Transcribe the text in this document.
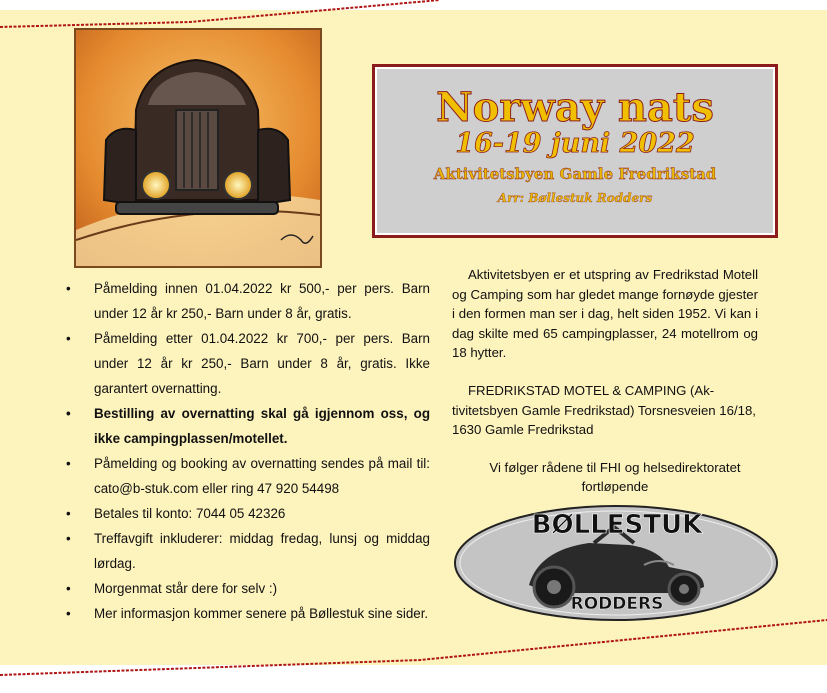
Norway nats
16-19 juni 2022
Aktivitetsbyen Gamle Fredrikstad
Arr: Bøllestuk Rodders
• Påmelding innen 01.04.2022 kr 500,- per pers. Barn under 12 år kr 250,- Barn under 8 år, gratis.
• Påmelding etter 01.04.2022 kr 700,- per pers. Barn under 12 år kr 250,- Barn under 8 år, gratis. Ikke garantert overnatting.
• Bestilling av overnatting skal gå igjennom oss, og ikke campingplassen/motellet.
• Påmelding og booking av overnatting sendes på mail til: cato@b-stuk.com eller ring 47 920 54498
• Betales til konto: 7044 05 42326
• Treffavgift inkluderer: middag fredag, lunsj og middag lørdag.
• Morgenmat står dere for selv :)
• Mer informasjon kommer senere på Bøllestuk sine sider.

Aktivitetsbyen er et utspring av Fredrikstad Motell og Camping som har gledet mange fornøyde gjester i den formen man ser i dag, helt siden 1952. Vi kan i dag skilte med 65 campingplasser, 24 motellrom og 18 hytter.

FREDRIKSTAD MOTEL & CAMPING (Aktivitetsbyen Gamle Fredrikstad) Torsnesveien 16/18, 1630 Gamle Fredrikstad

Vi følger rådene til FHI og helsedirektoratet fortløpende

BØLLESTUK
RODDERS
